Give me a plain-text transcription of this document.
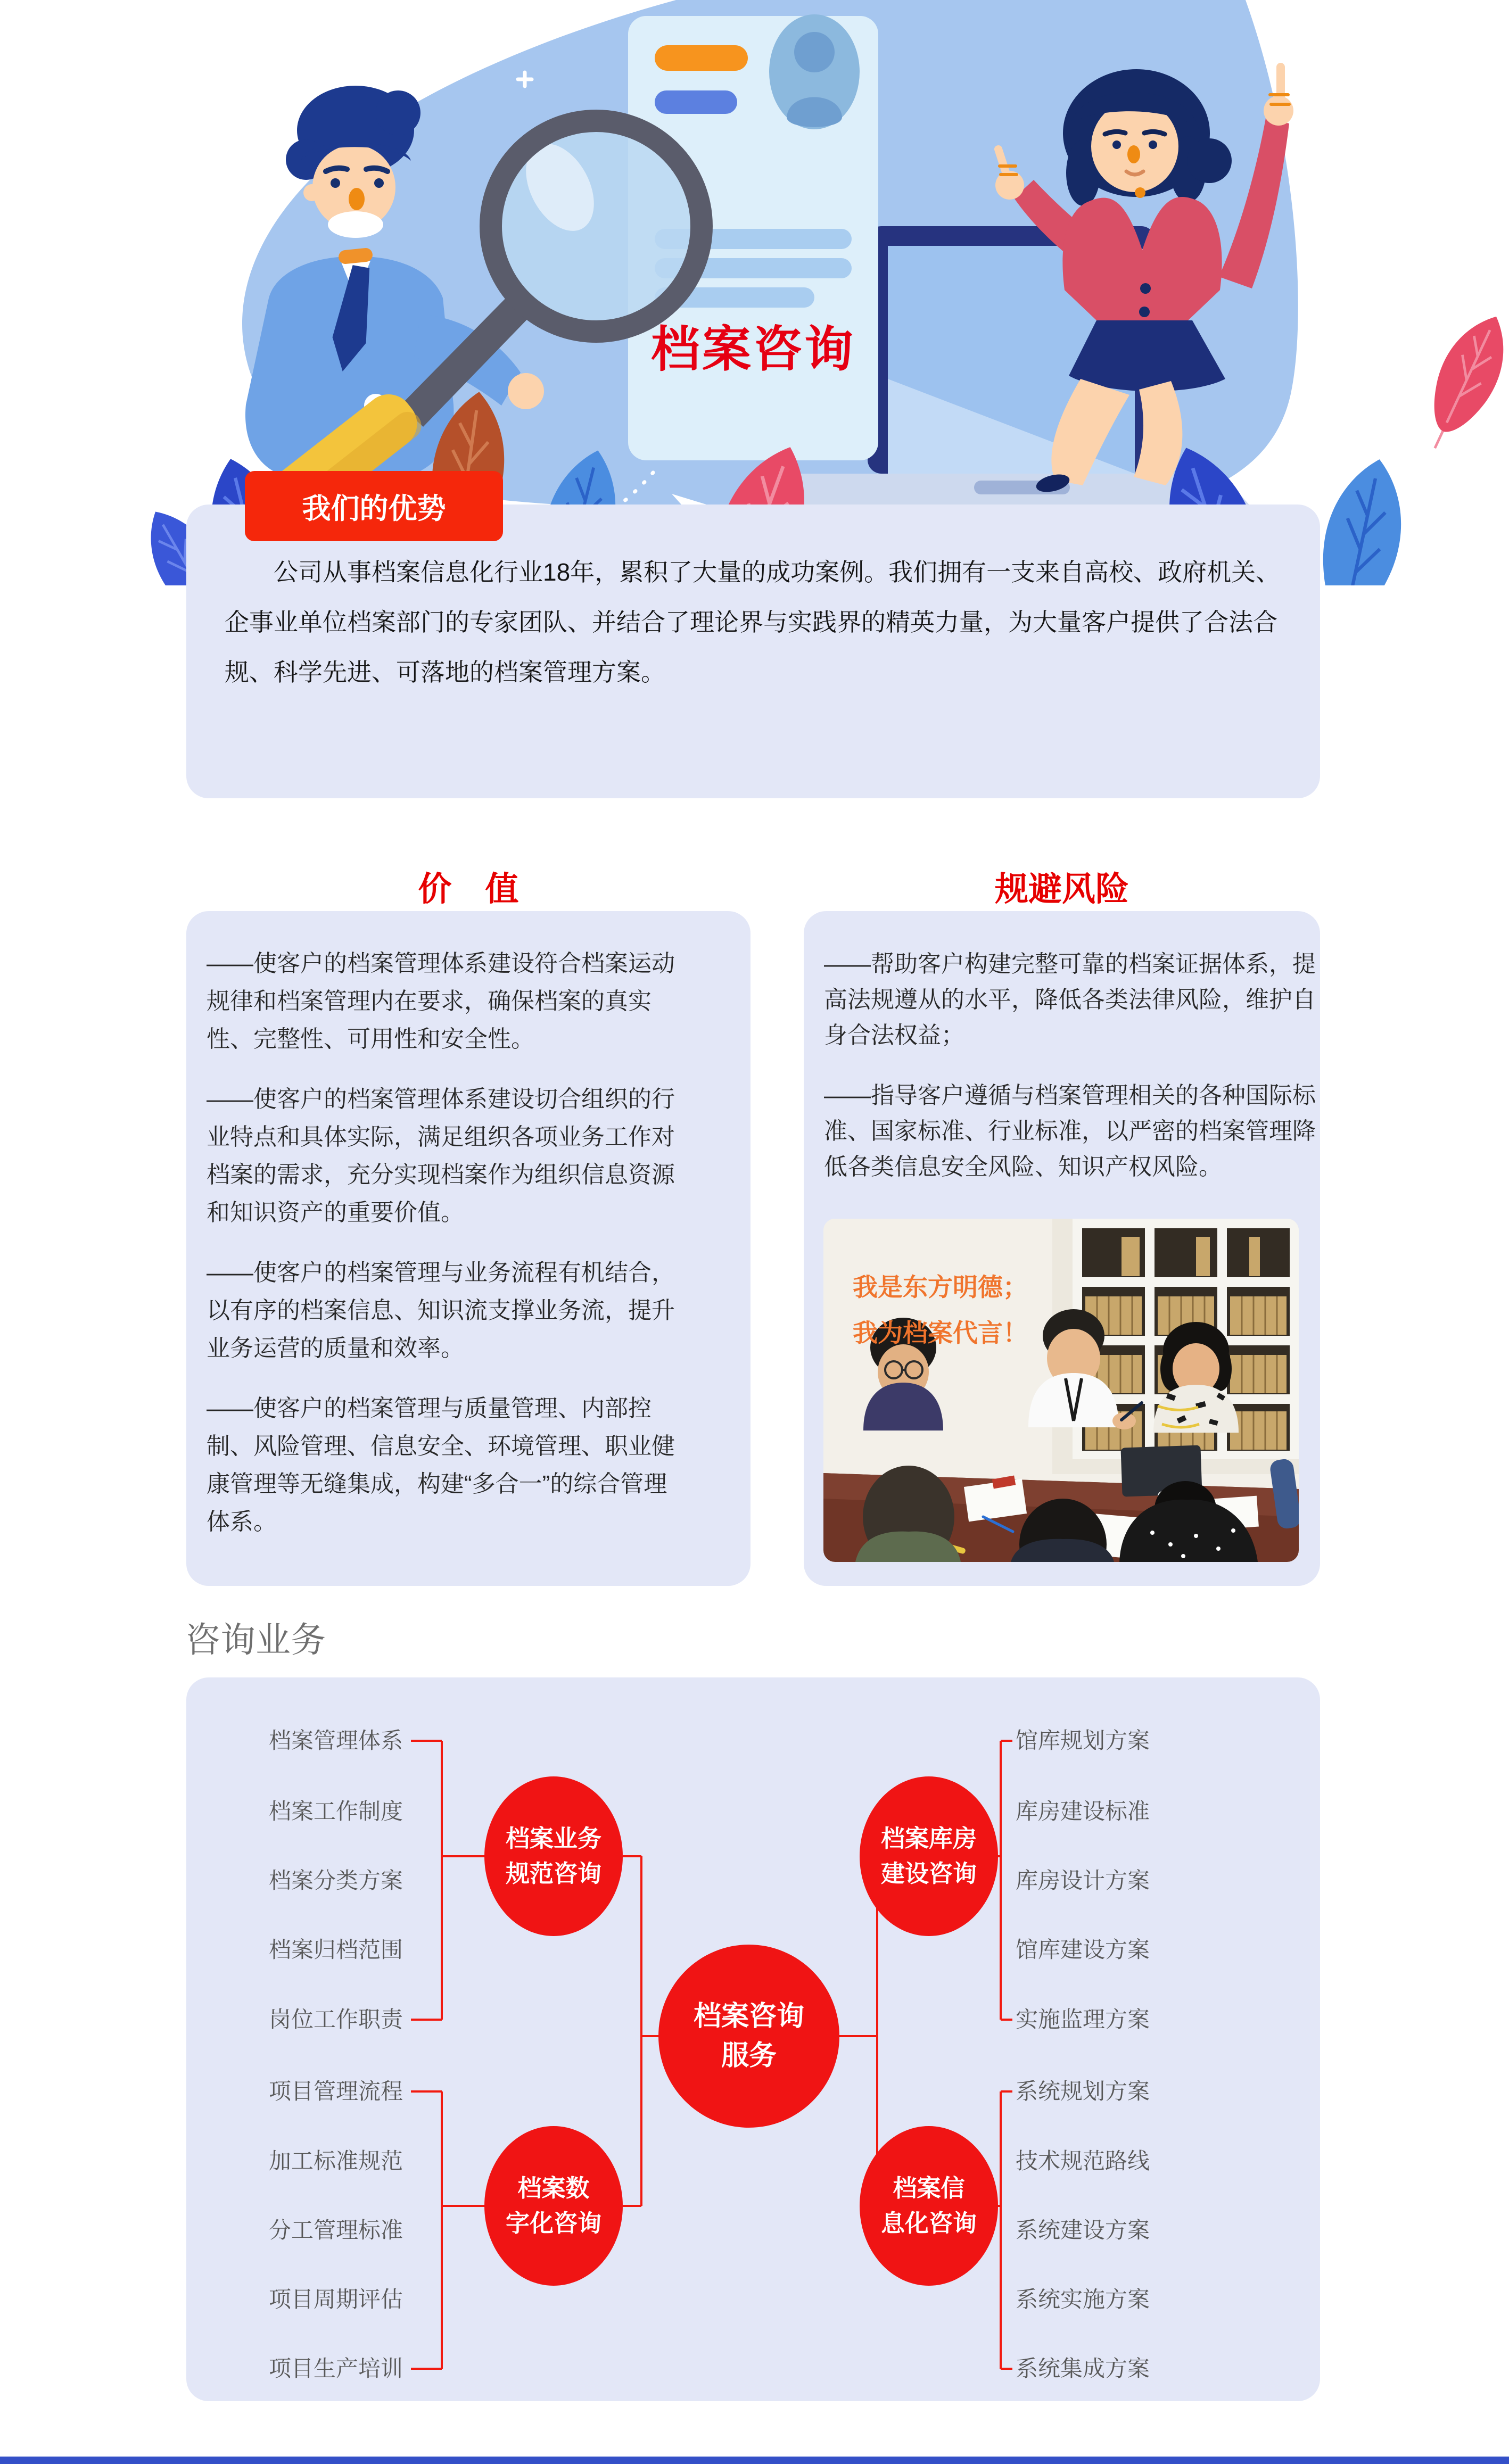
档案咨询
我们的优势

公司从事档案信息化行业18年，累积了大量的成功案例。我们拥有一支来自高校、政府机关、企事业单位档案部门的专家团队、并结合了理论界与实践界的精英力量，为大量客户提供了合法合规、科学先进、可落地的档案管理方案。

价　值	规避风险

——使客户的档案管理体系建设符合档案运动规律和档案管理内在要求，确保档案的真实性、完整性、可用性和安全性。

——使客户的档案管理体系建设切合组织的行业特点和具体实际，满足组织各项业务工作对档案的需求，充分实现档案作为组织信息资源和知识资产的重要价值。

——使客户的档案管理与业务流程有机结合，以有序的档案信息、知识流支撑业务流，提升业务运营的质量和效率。

——使客户的档案管理与质量管理、内部控制、风险管理、信息安全、环境管理、职业健康管理等无缝集成，构建“多合一”的综合管理体系。

——帮助客户构建完整可靠的档案证据体系，提高法规遵从的水平，降低各类法律风险，维护自身合法权益；

——指导客户遵循与档案管理相关的各种国际标准、国家标准、行业标准，以严密的档案管理降低各类信息安全风险、知识产权风险。

我是东方明德；
我为档案代言！
咨询业务
档案业务
规范咨询
档案数
字化咨询
档案库房
建设咨询
档案信
息化咨询
档案咨询
服务
档案管理体系
档案工作制度
档案分类方案
档案归档范围
岗位工作职责
项目管理流程
加工标准规范
分工管理标准
项目周期评估
项目生产培训
馆库规划方案
库房建设标准
库房设计方案
馆库建设方案
实施监理方案
系统规划方案
技术规范路线
系统建设方案
系统实施方案
系统集成方案
